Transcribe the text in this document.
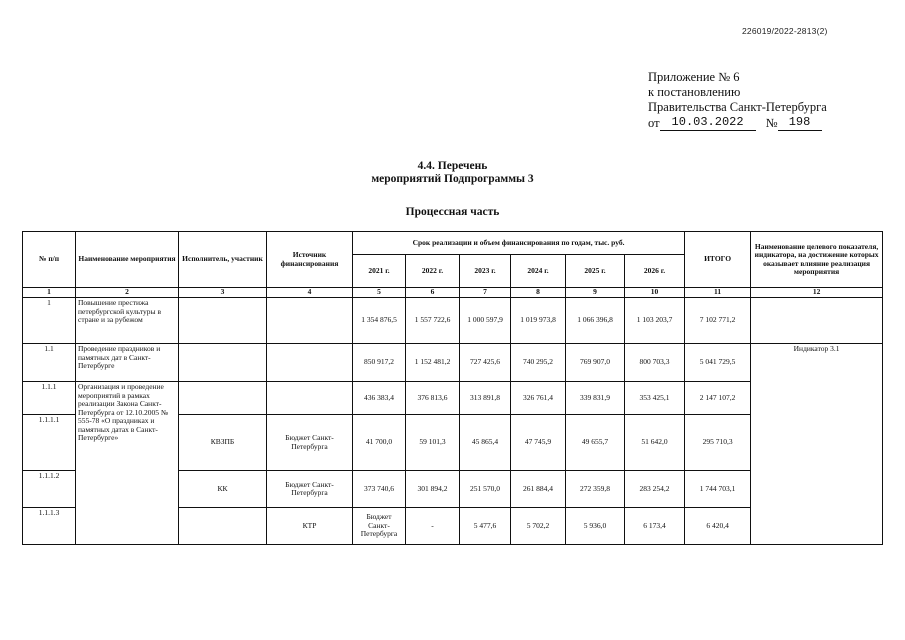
226019/2022-2813(2)
Приложение № 6
к постановлению
Правительства Санкт-Петербурга
от 10.03.2022	№ 198
4.4. Перечень
мероприятий Подпрограммы 3
Процессная часть
№ п/п	Наименование мероприятия	Исполнитель, участник	Источник финансирования	Срок реализации и объем финансирования по годам, тыс. руб.						ИТОГО	Наименование целевого показателя, индикатора, на достижение которых оказывает влияние реализация мероприятия	
				2021 г.	2022 г.	2023 г.	2024 г.	2025 г.	2026 г.			
1	2	3	4	5	6	7	8	9	10	11	12	
1	Повышение престижа петербургской культуры в стране и за рубежом			1 354 876,5	1 557 722,6	1 000 597,9	1 019 973,8	1 066 396,8	1 103 203,7	7 102 771,2		
1.1	Проведение праздников и памятных дат в Санкт-Петербурге			850 917,2	1 152 481,2	727 425,6	740 295,2	769 907,0	800 703,3	5 041 729,5	Индикатор 3.1	
1.1.1	Организация и проведение мероприятий в рамках реализации Закона Санкт-Петербурга от 12.10.2005 № 555-78 «О праздниках и памятных датах в Санкт-Петербурге»			436 383,4	376 813,6	313 891,8	326 761,4	339 831,9	353 425,1	2 147 107,2		
1.1.1.1		КВЗПБ	Бюджет Санкт-Петербурга	41 700,0	59 101,3	45 865,4	47 745,9	49 655,7	51 642,0	295 710,3		
1.1.1.2		КК	Бюджет Санкт-Петербурга	373 740,6	301 894,2	251 570,0	261 884,4	272 359,8	283 254,2	1 744 703,1		
1.1.1.3			КТР	Бюджет Санкт-Петербурга	-	5 477,6	5 702,2	5 936,0	6 173,4	6 420,4	
